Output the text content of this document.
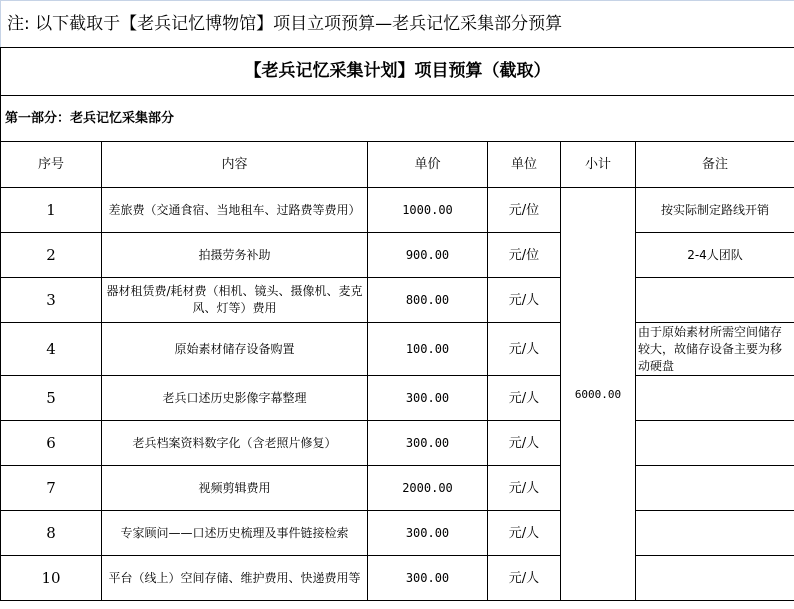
注: 以下截取于【老兵记忆博物馆】项目立项预算—老兵记忆采集部分预算
【老兵记忆采集计划】项目预算（截取）					
第一部分：老兵记忆采集部分					
序号	内容	单价	单位	小计	备注
1	差旅费（交通食宿、当地租车、过路费等费用）	1000.00	元/位	6000.00	按实际制定路线开销
2	拍摄劳务补助	900.00	元/位		2-4人团队
3	器材租赁费/耗材费（相机、镜头、摄像机、麦克风、灯等）费用	800.00	元/人		
4	原始素材储存设备购置	100.00	元/人		由于原始素材所需空间储存较大，故储存设备主要为移动硬盘
5	老兵口述历史影像字幕整理	300.00	元/人		
6	老兵档案资料数字化（含老照片修复）	300.00	元/人		
7	视频剪辑费用	2000.00	元/人		
8	专家顾问——口述历史梳理及事件链接检索	300.00	元/人		
10	平台（线上）空间存储、维护费用、快递费用等	300.00	元/人		
